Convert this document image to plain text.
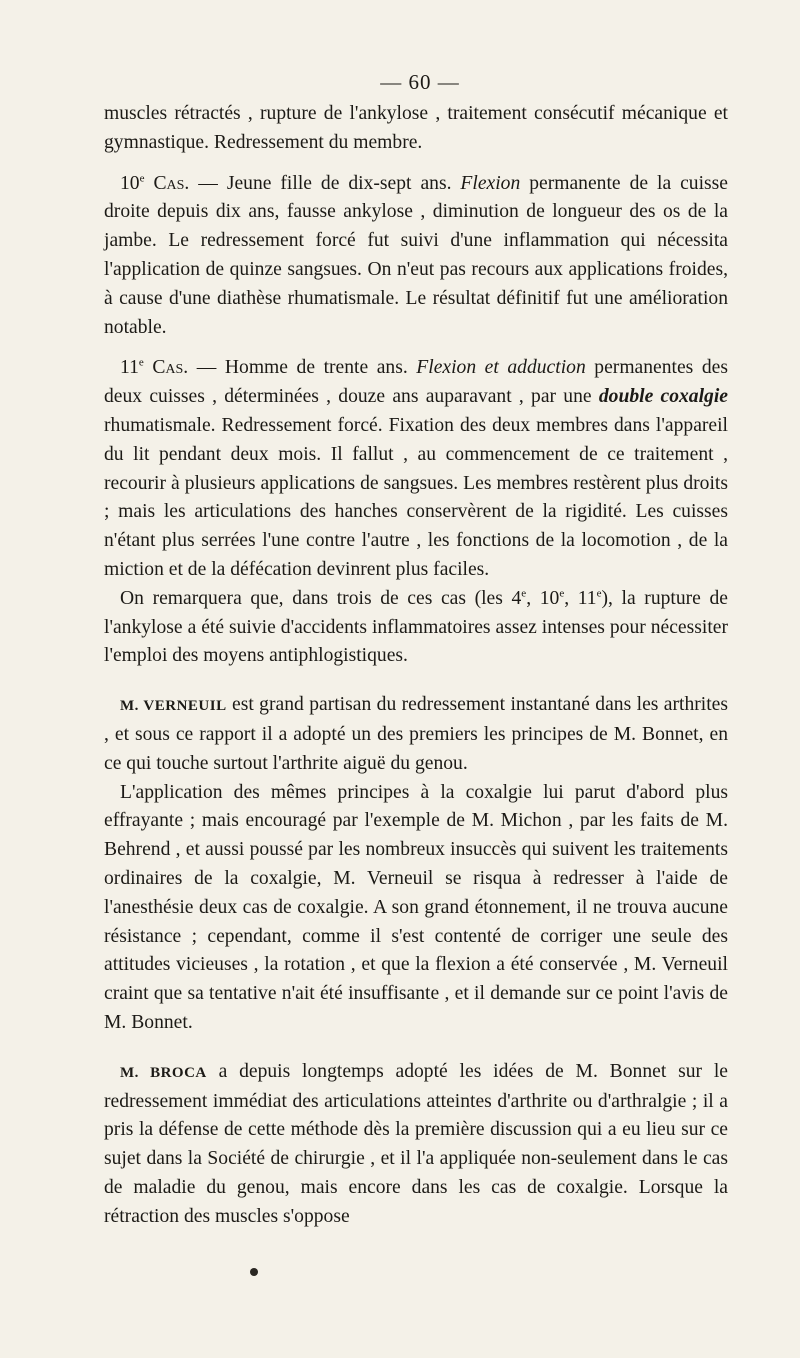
— 60 —

muscles rétractés , rupture de l'ankylose , traitement consécutif mécanique et gymnastique. Redressement du membre.

10e Cas. — Jeune fille de dix-sept ans. Flexion permanente de la cuisse droite depuis dix ans, fausse ankylose , diminution de longueur des os de la jambe. Le redressement forcé fut suivi d'une inflammation qui nécessita l'application de quinze sangsues. On n'eut pas recours aux applications froides, à cause d'une diathèse rhumatismale. Le résultat définitif fut une amélioration notable.

11e Cas. — Homme de trente ans. Flexion et adduction permanentes des deux cuisses , déterminées , douze ans auparavant , par une double coxalgie rhumatismale. Redressement forcé. Fixation des deux membres dans l'appareil du lit pendant deux mois. Il fallut , au commencement de ce traitement , recourir à plusieurs applications de sangsues. Les membres restèrent plus droits ; mais les articulations des hanches conservèrent de la rigidité. Les cuisses n'étant plus serrées l'une contre l'autre , les fonctions de la locomotion , de la miction et de la défécation devinrent plus faciles.

On remarquera que, dans trois de ces cas (les 4e, 10e, 11e), la rupture de l'ankylose a été suivie d'accidents inflammatoires assez intenses pour nécessiter l'emploi des moyens antiphlogistiques.

M. VERNEUIL est grand partisan du redressement instantané dans les arthrites , et sous ce rapport il a adopté un des premiers les principes de M. Bonnet, en ce qui touche surtout l'arthrite aiguë du genou.

L'application des mêmes principes à la coxalgie lui parut d'abord plus effrayante ; mais encouragé par l'exemple de M. Michon , par les faits de M. Behrend , et aussi poussé par les nombreux insuccès qui suivent les traitements ordinaires de la coxalgie, M. Verneuil se risqua à redresser à l'aide de l'anesthésie deux cas de coxalgie. A son grand étonnement, il ne trouva aucune résistance ; cependant, comme il s'est contenté de corriger une seule des attitudes vicieuses , la rotation , et que la flexion a été conservée , M. Verneuil craint que sa tentative n'ait été insuffisante , et il demande sur ce point l'avis de M. Bonnet.

M. BROCA a depuis longtemps adopté les idées de M. Bonnet sur le redressement immédiat des articulations atteintes d'arthrite ou d'arthralgie ; il a pris la défense de cette méthode dès la première discussion qui a eu lieu sur ce sujet dans la Société de chirurgie , et il l'a appliquée non-seulement dans le cas de maladie du genou, mais encore dans les cas de coxalgie. Lorsque la rétraction des muscles s'oppose
